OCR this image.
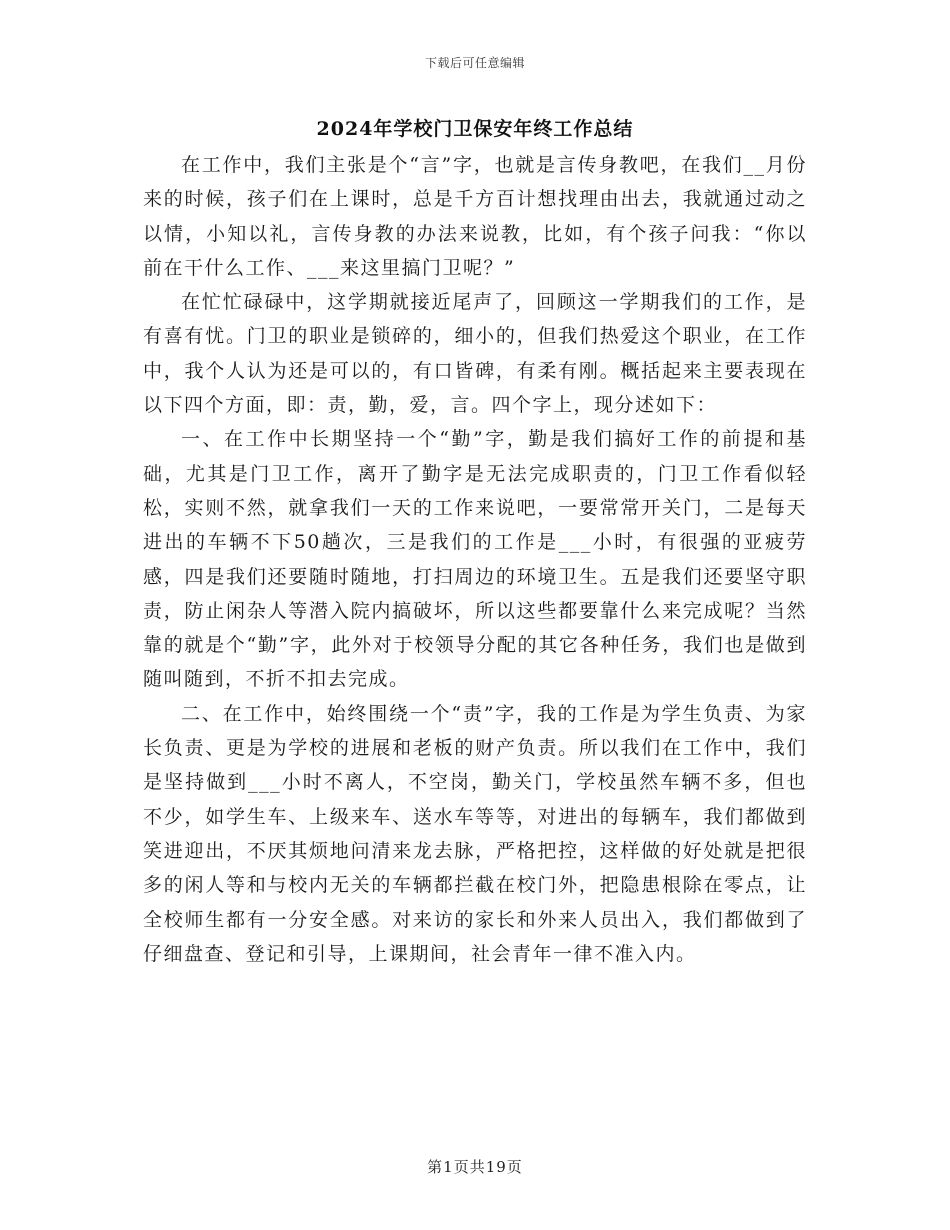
下载后可任意编辑
2024年学校门卫保安年终工作总结

在工作中，我们主张是个“言”字，也就是言传身教吧，在我们__月份来的时候，孩子们在上课时，总是千方百计想找理由出去，我就通过动之以情，小知以礼，言传身教的办法来说教，比如，有个孩子问我：“你以前在干什么工作、___来这里搞门卫呢？”

在忙忙碌碌中，这学期就接近尾声了，回顾这一学期我们的工作，是有喜有忧。门卫的职业是锁碎的，细小的，但我们热爱这个职业，在工作中，我个人认为还是可以的，有口皆碑，有柔有刚。概括起来主要表现在以下四个方面，即：责，勤，爱，言。四个字上，现分述如下：

一、在工作中长期坚持一个“勤”字，勤是我们搞好工作的前提和基础，尤其是门卫工作，离开了勤字是无法完成职责的，门卫工作看似轻松，实则不然，就拿我们一天的工作来说吧，一要常常开关门，二是每天进出的车辆不下50趟次，三是我们的工作是___小时，有很强的亚疲劳感，四是我们还要随时随地，打扫周边的环境卫生。五是我们还要坚守职责，防止闲杂人等潜入院内搞破坏，所以这些都要靠什么来完成呢？当然靠的就是个“勤”字，此外对于校领导分配的其它各种任务，我们也是做到随叫随到，不折不扣去完成。

二、在工作中，始终围绕一个“责”字，我的工作是为学生负责、为家长负责、更是为学校的进展和老板的财产负责。所以我们在工作中，我们是坚持做到___小时不离人，不空岗，勤关门，学校虽然车辆不多，但也不少，如学生车、上级来车、送水车等等，对进出的每辆车，我们都做到笑进迎出，不厌其烦地问清来龙去脉，严格把控，这样做的好处就是把很多的闲人等和与校内无关的车辆都拦截在校门外，把隐患根除在零点，让全校师生都有一分安全感。对来访的家长和外来人员出入，我们都做到了仔细盘查、登记和引导，上课期间，社会青年一律不准入内。

第1页共19页
